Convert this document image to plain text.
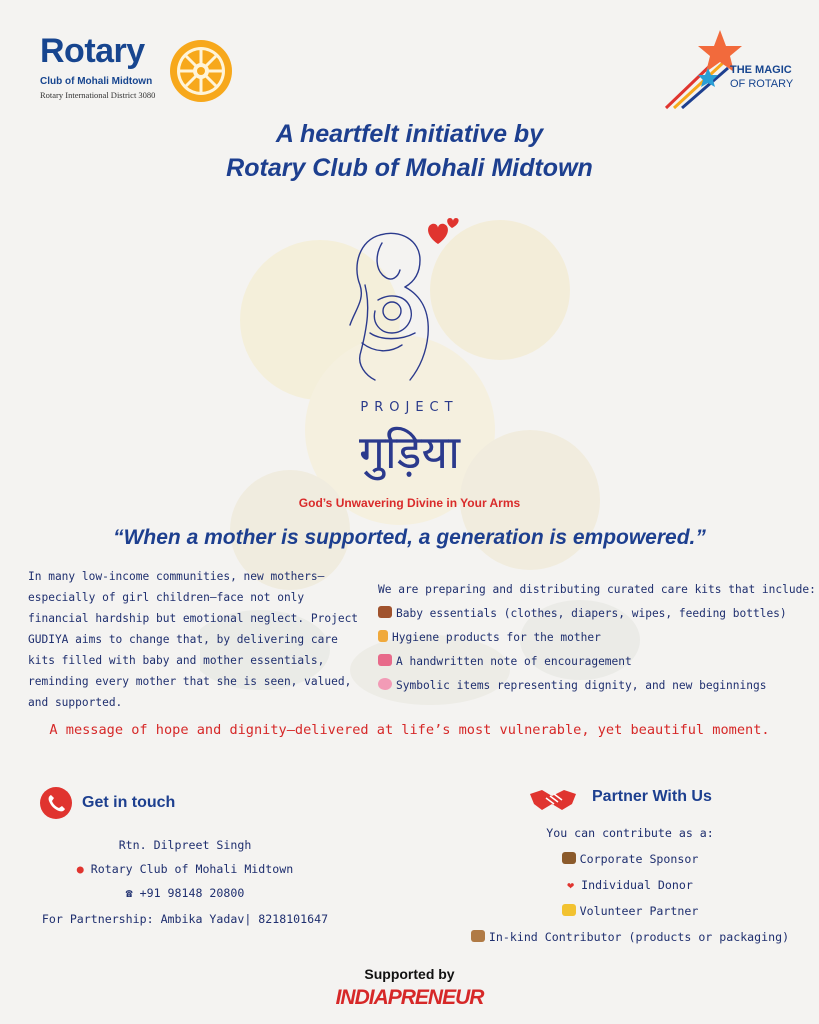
Rotary
Club of Mohali Midtown
Rotary International District 3080
THE MAGIC
OF ROTARY
A heartfelt initiative by
Rotary Club of Mohali Midtown
PROJECT
गुड़िया
God’s Unwavering Divine in Your Arms
“When a mother is supported, a generation is empowered.”
In many low-income communities, new mothers—especially of girl children—face not only financial hardship but emotional neglect. Project GUDIYA aims to change that, by delivering care kits filled with baby and mother essentials, reminding every mother that she is seen, valued, and supported.
We are preparing and distributing curated care kits that include:
Baby essentials (clothes, diapers, wipes, feeding bottles)
Hygiene products for the mother
A handwritten note of encouragement
Symbolic items representing dignity, and new beginnings
A message of hope and dignity—delivered at life’s most vulnerable, yet beautiful moment.
Get in touch
Rtn. Dilpreet Singh
● Rotary Club of Mohali Midtown
☎ +91 98148 20800
For Partnership: Ambika Yadav| 8218101647
Partner With Us
You can contribute as a:
Corporate Sponsor
❤ Individual Donor
Volunteer Partner
In-kind Contributor (products or packaging)
Supported by
INDIAPRENEUR
